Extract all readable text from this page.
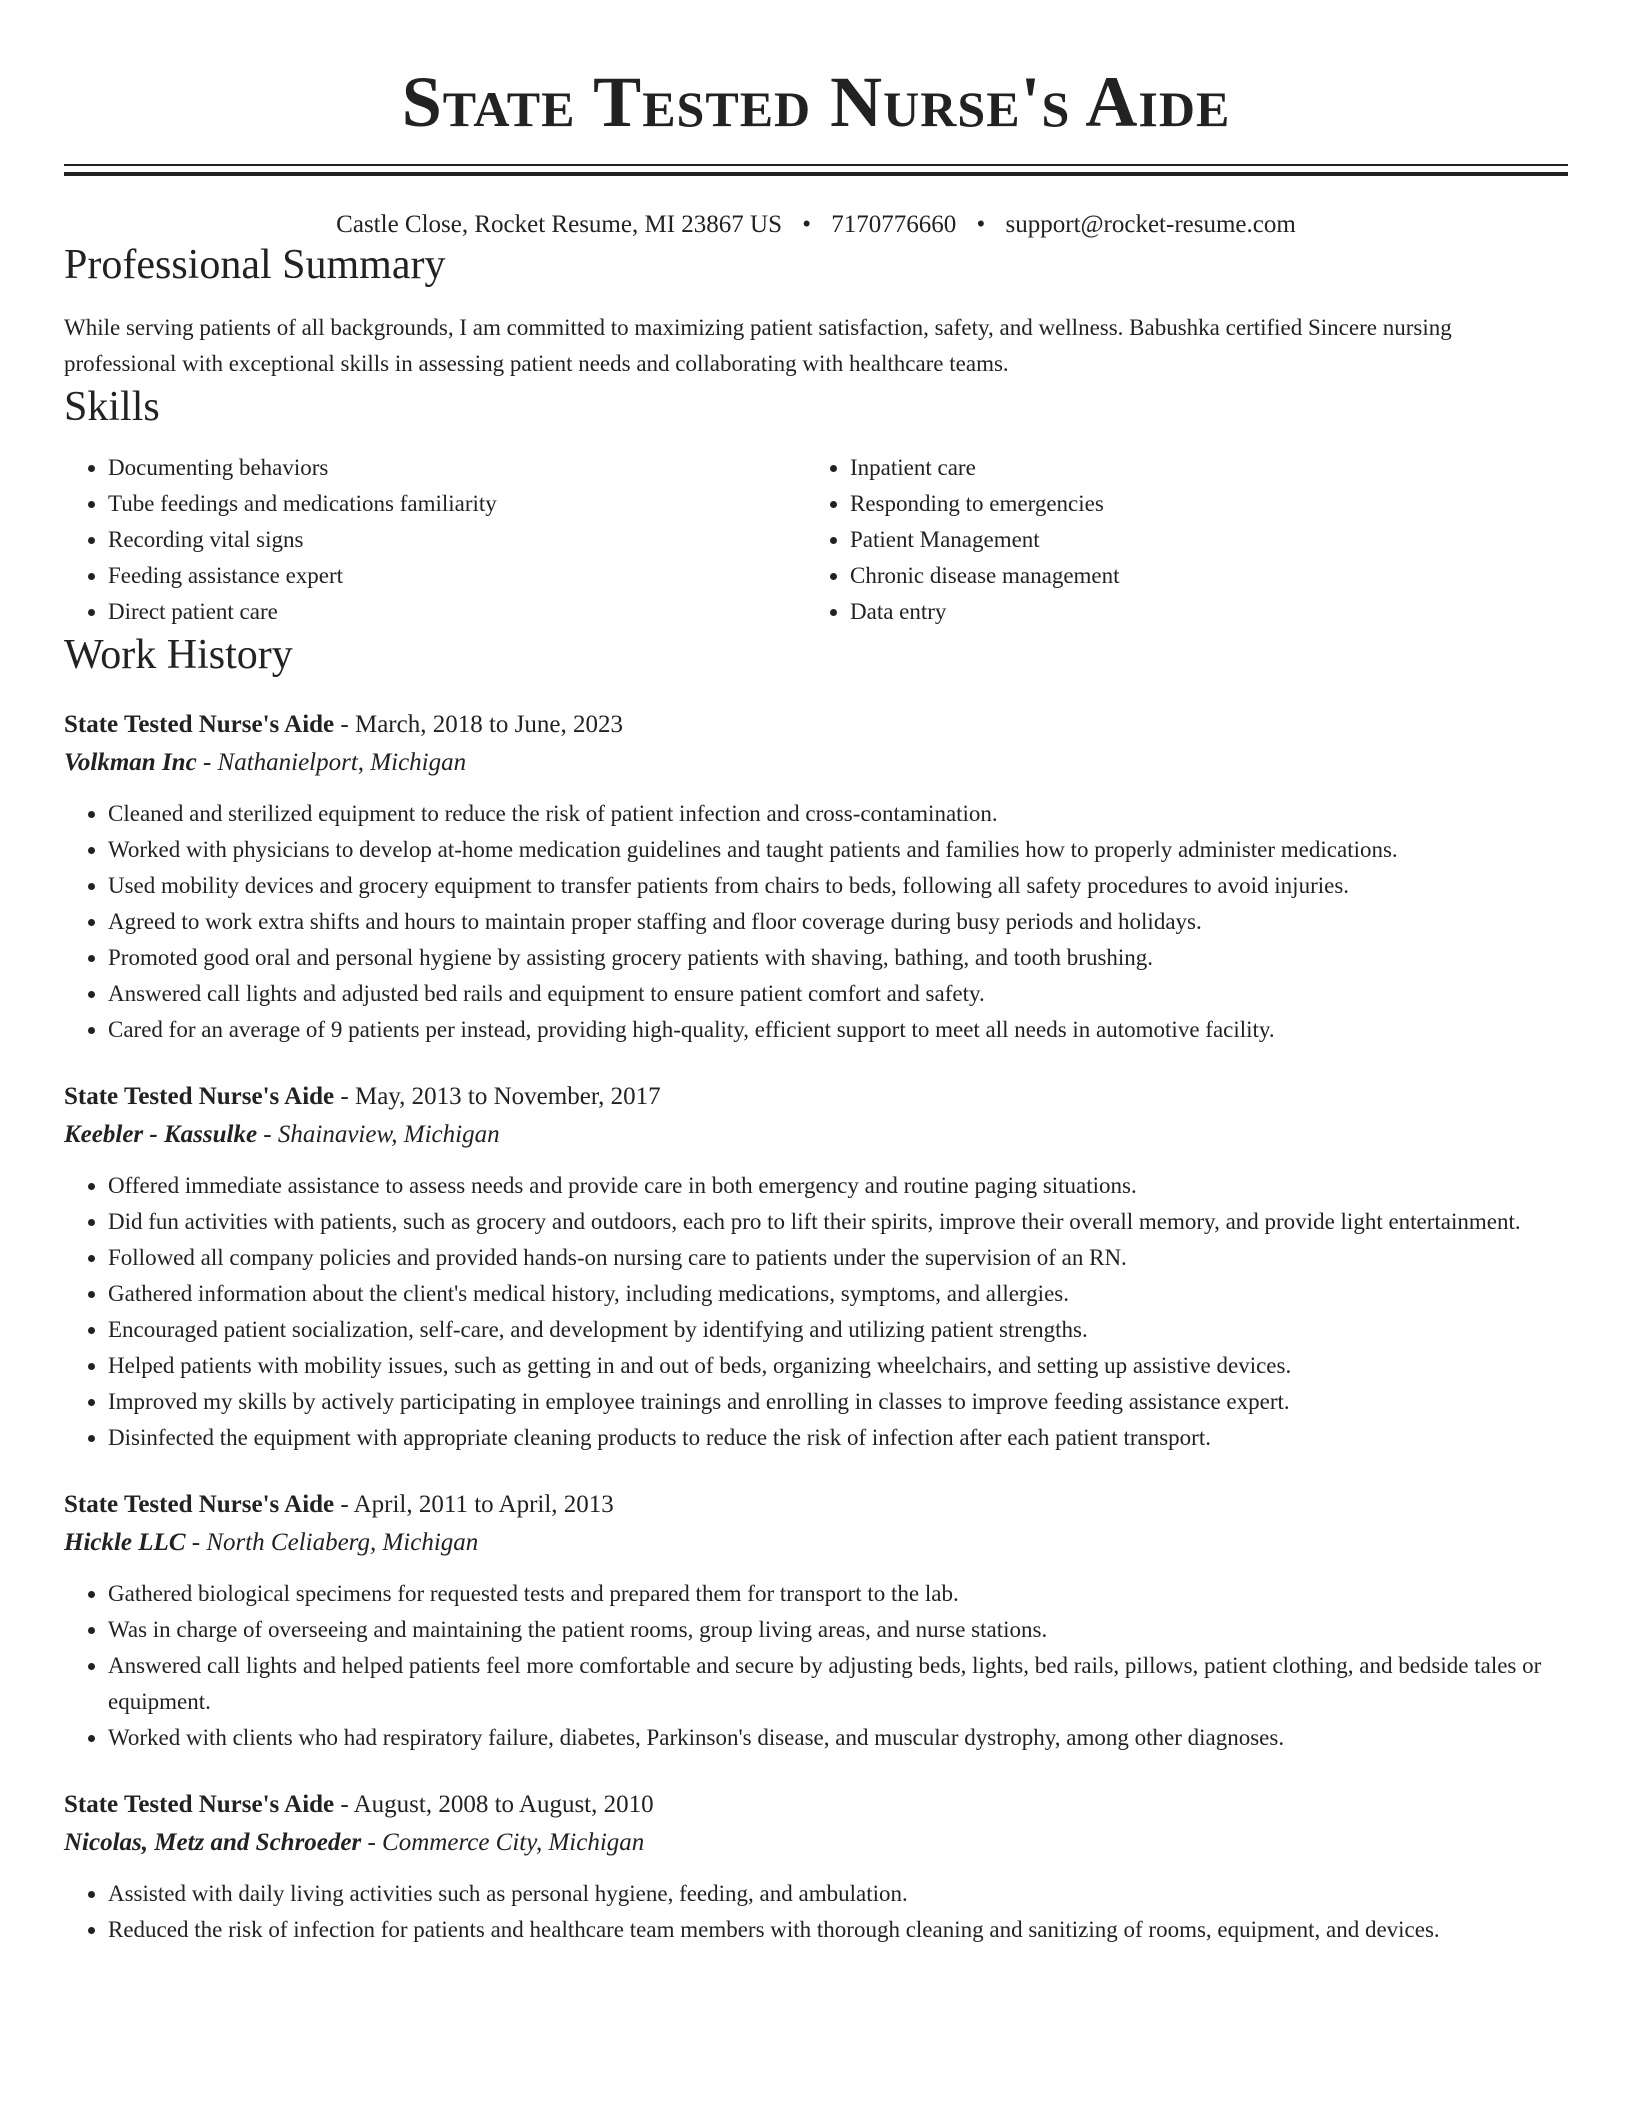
State Tested Nurse's Aide
Castle Close, Rocket Resume, MI 23867 US • 7170776660 • support@rocket-resume.com
Professional Summary

While serving patients of all backgrounds, I am committed to maximizing patient satisfaction, safety, and wellness. Babushka certified Sincere nursing professional with exceptional skills in assessing patient needs and collaborating with healthcare teams.

Skills
• Documenting behaviors
• Tube feedings and medications familiarity
• Recording vital signs
• Feeding assistance expert
• Direct patient care
• Inpatient care
• Responding to emergencies
• Patient Management
• Chronic disease management
• Data entry
Work History
State Tested Nurse's Aide - March, 2018 to June, 2023
Volkman Inc - Nathanielport, Michigan
• Cleaned and sterilized equipment to reduce the risk of patient infection and cross-contamination.
• Worked with physicians to develop at-home medication guidelines and taught patients and families how to properly administer medications.
• Used mobility devices and grocery equipment to transfer patients from chairs to beds, following all safety procedures to avoid injuries.
• Agreed to work extra shifts and hours to maintain proper staffing and floor coverage during busy periods and holidays.
• Promoted good oral and personal hygiene by assisting grocery patients with shaving, bathing, and tooth brushing.
• Answered call lights and adjusted bed rails and equipment to ensure patient comfort and safety.
• Cared for an average of 9 patients per instead, providing high-quality, efficient support to meet all needs in automotive facility.
State Tested Nurse's Aide - May, 2013 to November, 2017
Keebler - Kassulke - Shainaview, Michigan
• Offered immediate assistance to assess needs and provide care in both emergency and routine paging situations.
• Did fun activities with patients, such as grocery and outdoors, each pro to lift their spirits, improve their overall memory, and provide light entertainment.
• Followed all company policies and provided hands-on nursing care to patients under the supervision of an RN.
• Gathered information about the client's medical history, including medications, symptoms, and allergies.
• Encouraged patient socialization, self-care, and development by identifying and utilizing patient strengths.
• Helped patients with mobility issues, such as getting in and out of beds, organizing wheelchairs, and setting up assistive devices.
• Improved my skills by actively participating in employee trainings and enrolling in classes to improve feeding assistance expert.
• Disinfected the equipment with appropriate cleaning products to reduce the risk of infection after each patient transport.
State Tested Nurse's Aide - April, 2011 to April, 2013
Hickle LLC - North Celiaberg, Michigan
• Gathered biological specimens for requested tests and prepared them for transport to the lab.
• Was in charge of overseeing and maintaining the patient rooms, group living areas, and nurse stations.
• Answered call lights and helped patients feel more comfortable and secure by adjusting beds, lights, bed rails, pillows, patient clothing, and bedside tales or equipment.
• Worked with clients who had respiratory failure, diabetes, Parkinson's disease, and muscular dystrophy, among other diagnoses.
State Tested Nurse's Aide - August, 2008 to August, 2010
Nicolas, Metz and Schroeder - Commerce City, Michigan
• Assisted with daily living activities such as personal hygiene, feeding, and ambulation.
• Reduced the risk of infection for patients and healthcare team members with thorough cleaning and sanitizing of rooms, equipment, and devices.
